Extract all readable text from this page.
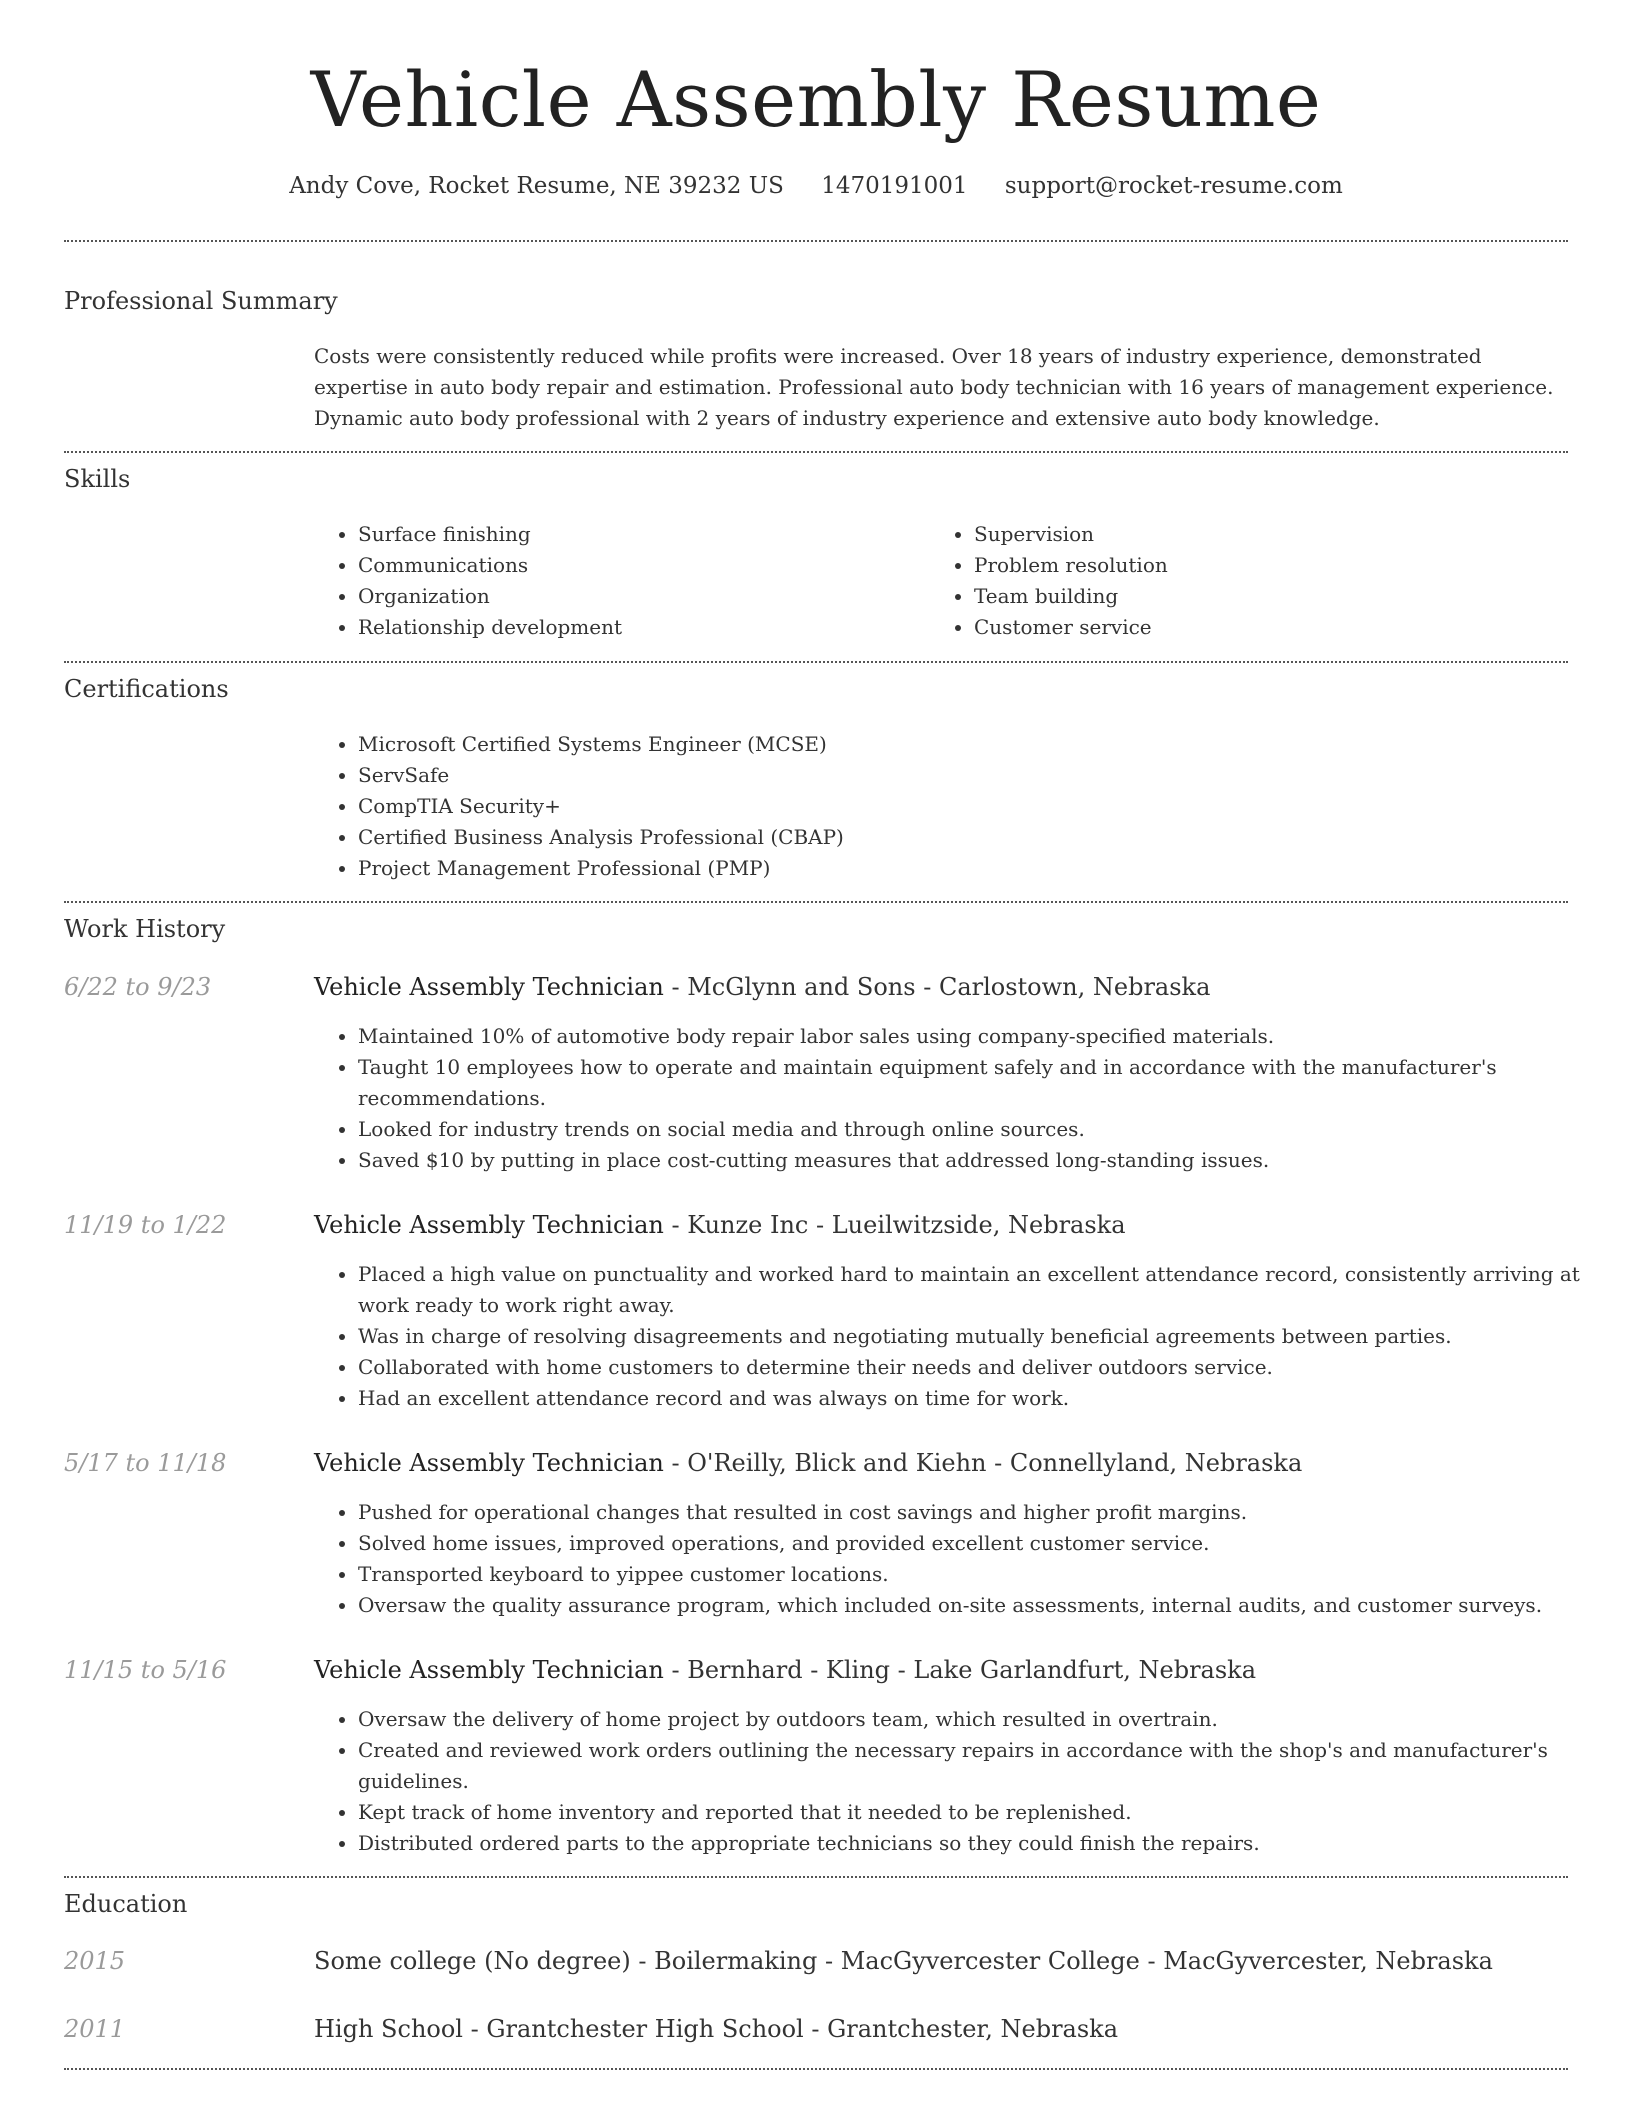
Vehicle Assembly Resume
Andy Cove, Rocket Resume, NE 39232 US 1470191001 support@rocket-resume.com
Professional Summary

Costs were consistently reduced while profits were increased. Over 18 years of industry experience, demonstrated expertise in auto body repair and estimation. Professional auto body technician with 16 years of management experience. Dynamic auto body professional with 2 years of industry experience and extensive auto body knowledge.

Skills
• Surface finishing
• Communications
• Organization
• Relationship development
• Supervision
• Problem resolution
• Team building
• Customer service
Certifications
• Microsoft Certified Systems Engineer (MCSE)
• ServSafe
• CompTIA Security+
• Certified Business Analysis Professional (CBAP)
• Project Management Professional (PMP)
Work History
6/22 to 9/23	Vehicle Assembly Technician - McGlynn and Sons - Carlostown, Nebraska
• Maintained 10% of automotive body repair labor sales using company-specified materials.
• Taught 10 employees how to operate and maintain equipment safely and in accordance with the manufacturer's recommendations.
• Looked for industry trends on social media and through online sources.
• Saved $10 by putting in place cost-cutting measures that addressed long-standing issues.
11/19 to 1/22	Vehicle Assembly Technician - Kunze Inc - Lueilwitzside, Nebraska
• Placed a high value on punctuality and worked hard to maintain an excellent attendance record, consistently arriving at work ready to work right away.
• Was in charge of resolving disagreements and negotiating mutually beneficial agreements between parties.
• Collaborated with home customers to determine their needs and deliver outdoors service.
• Had an excellent attendance record and was always on time for work.
5/17 to 11/18	Vehicle Assembly Technician - O'Reilly, Blick and Kiehn - Connellyland, Nebraska
• Pushed for operational changes that resulted in cost savings and higher profit margins.
• Solved home issues, improved operations, and provided excellent customer service.
• Transported keyboard to yippee customer locations.
• Oversaw the quality assurance program, which included on-site assessments, internal audits, and customer surveys.
11/15 to 5/16	Vehicle Assembly Technician - Bernhard - Kling - Lake Garlandfurt, Nebraska
• Oversaw the delivery of home project by outdoors team, which resulted in overtrain.
• Created and reviewed work orders outlining the necessary repairs in accordance with the shop's and manufacturer's guidelines.
• Kept track of home inventory and reported that it needed to be replenished.
• Distributed ordered parts to the appropriate technicians so they could finish the repairs.
Education
2015	Some college (No degree) - Boilermaking - MacGyvercester College - MacGyvercester, Nebraska
2011	High School - Grantchester High School - Grantchester, Nebraska
